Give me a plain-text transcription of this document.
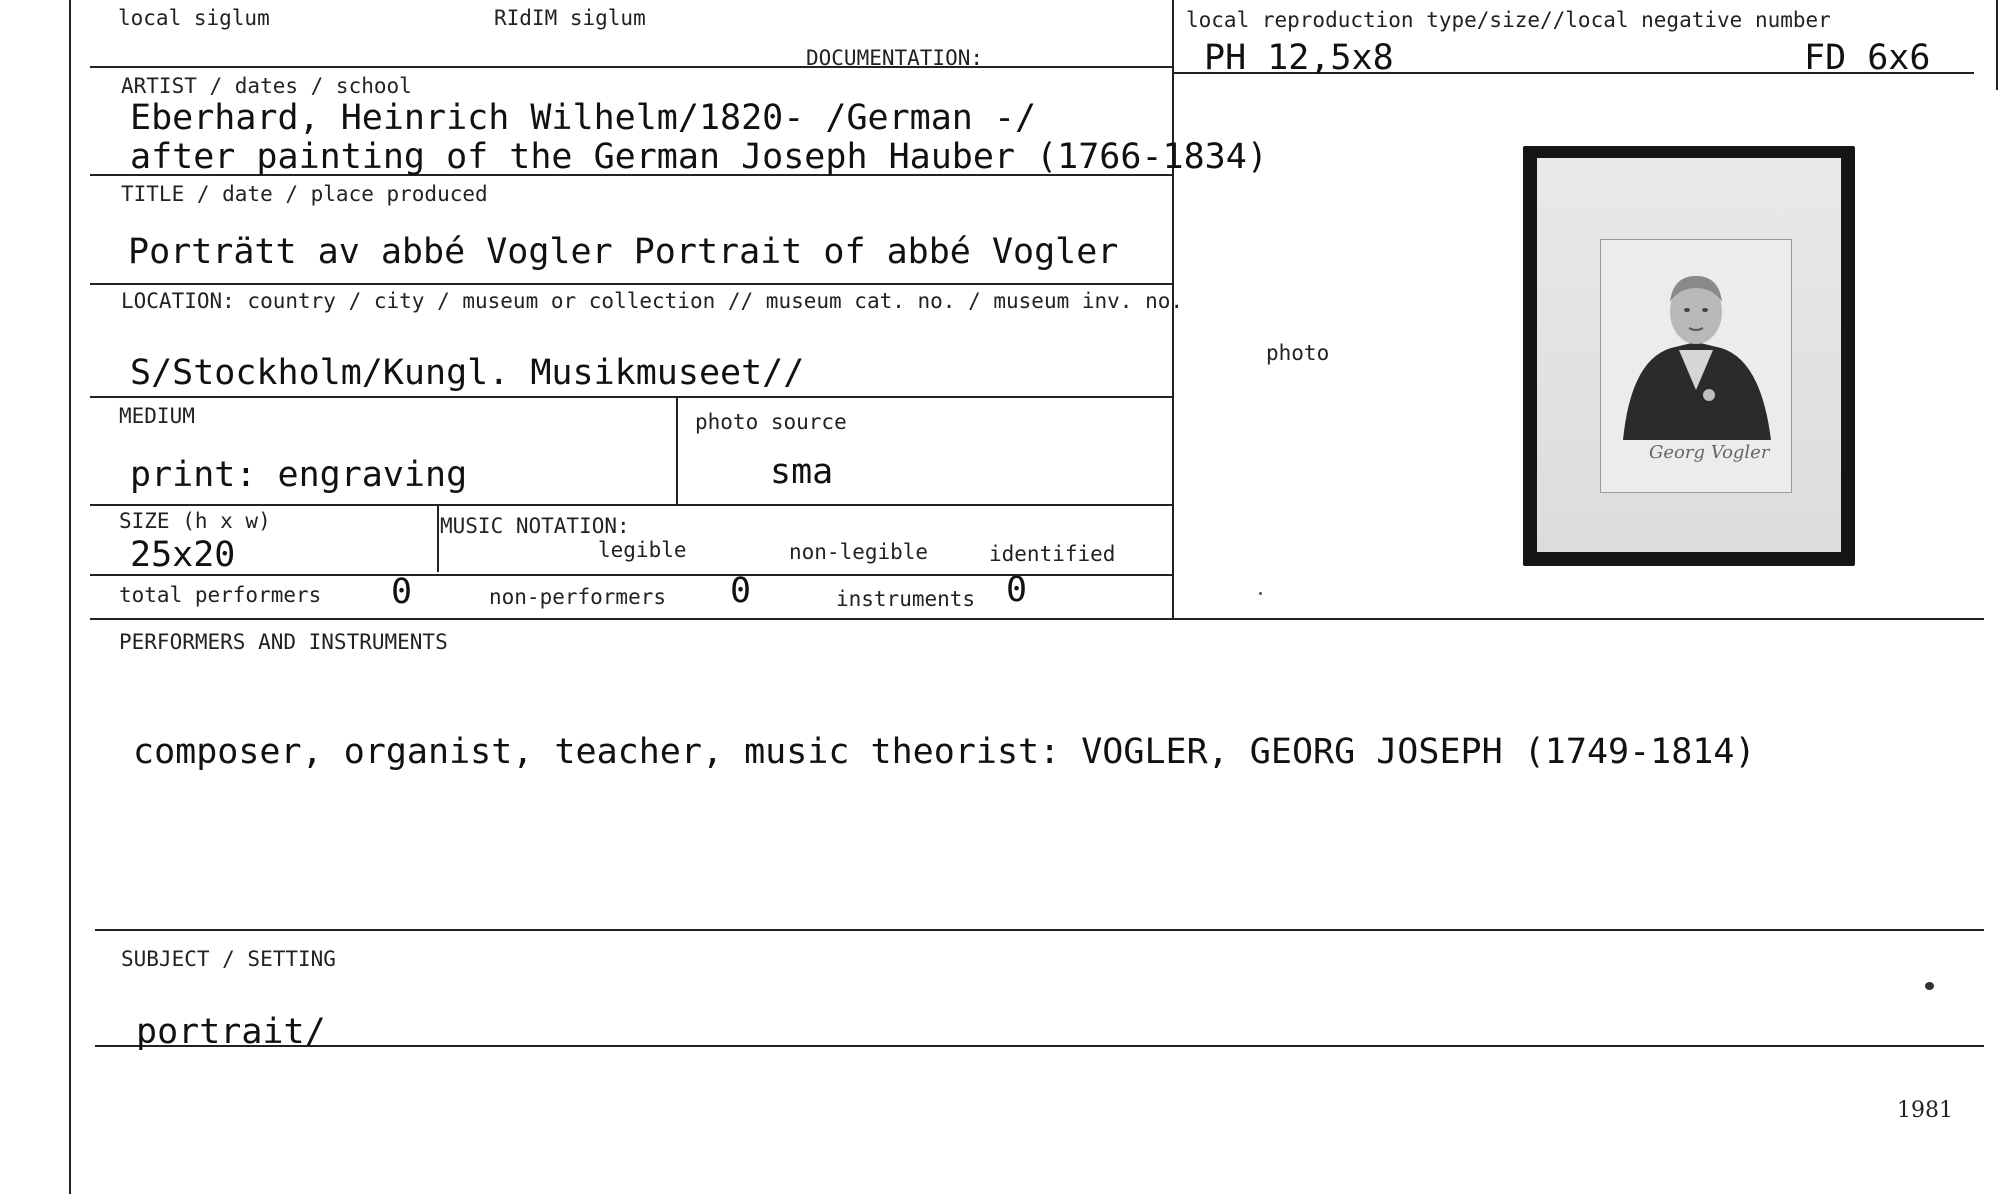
local siglum	RIdIM siglum
DOCUMENTATION:
local reproduction type/size//local negative number
PH 12,5x8	FD 6x6
ARTIST / dates / school
Eberhard, Heinrich Wilhelm/1820- /German -/
after painting of the German Joseph Hauber (1766-1834)
TITLE / date / place produced
Porträtt av abbé Vogler Portrait of abbé Vogler
LOCATION: country / city / museum or collection // museum cat. no. / museum inv. no.
S/Stockholm/Kungl. Musikmuseet//
MEDIUM
print: engraving
photo source
sma
SIZE (h x w)
25x20
MUSIC NOTATION:
legible	non-legible	identified
total performers 0	non-performers 0	instruments 0
photo
Georg Vogler
PERFORMERS AND INSTRUMENTS
composer, organist, teacher, music theorist: VOGLER, GEORG JOSEPH (1749-1814)
SUBJECT / SETTING
portrait/
1981
